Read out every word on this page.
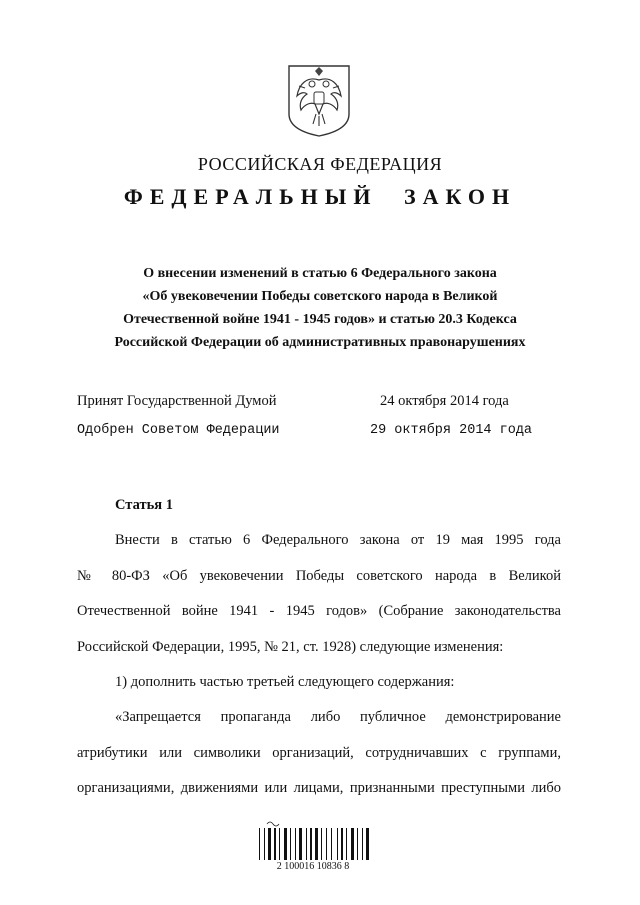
РОССИЙСКАЯ ФЕДЕРАЦИЯ
ФЕДЕРАЛЬНЫЙ ЗАКОН
О внесении изменений в статью 6 Федерального закона
«Об увековечении Победы советского народа в Великой
Отечественной войне 1941 - 1945 годов» и статью 20.3 Кодекса
Российской Федерации об административных правонарушениях
Принят Государственной Думой	24 октября 2014 года
Одобрен Советом Федерации	29 октября 2014 года
Статья 1
Внести в статью 6 Федерального закона от 19 мая 1995 года
№ 80-ФЗ «Об увековечении Победы советского народа в Великой
Отечественной войне 1941 - 1945 годов» (Собрание законодательства
Российской Федерации, 1995, № 21, ст. 1928) следующие изменения:
1) дополнить частью третьей следующего содержания:
«Запрещается пропаганда либо публичное демонстрирование
атрибутики или символики организаций, сотрудничавших с группами,
организациями, движениями или лицами, признанными преступными либо
2 100016 10836 8
